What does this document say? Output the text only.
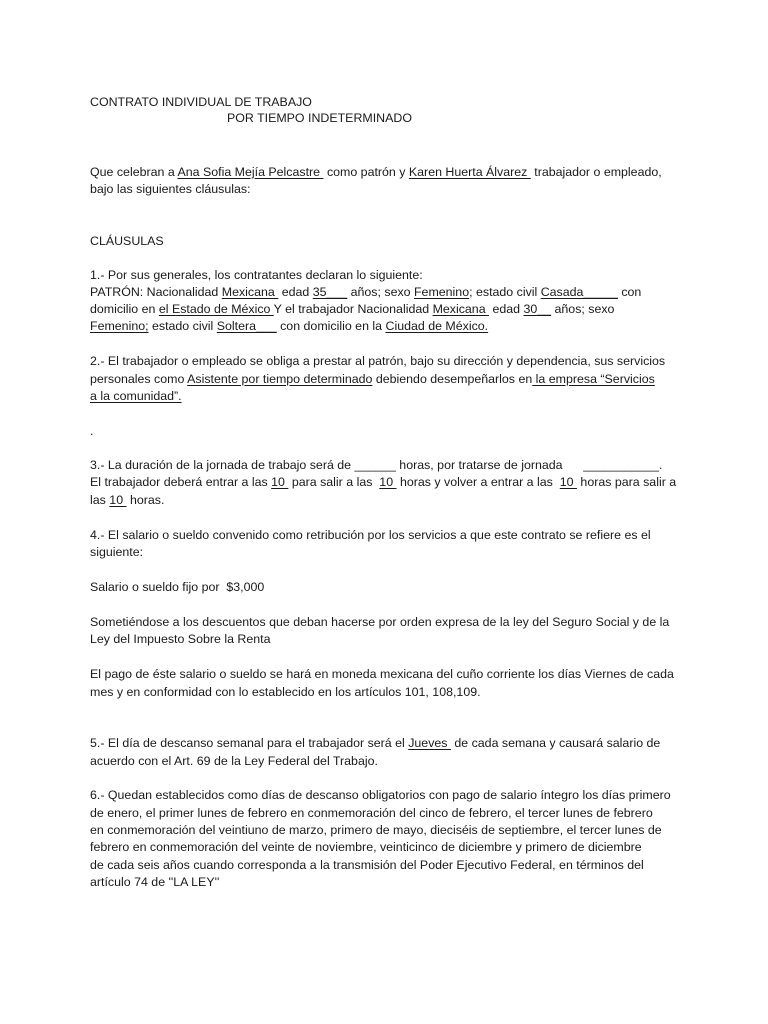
CONTRATO INDIVIDUAL DE TRABAJO
POR TIEMPO INDETERMINADO
Que celebran a Ana Sofia Mejía Pelcastre  como patrón y Karen Huerta Álvarez  trabajador o empleado,
bajo las siguientes cláusulas:
CLÁUSULAS
1.- Por sus generales, los contratantes declaran lo siguiente:
PATRÓN: Nacionalidad Mexicana  edad 35___ años; sexo Femenino; estado civil Casada_____ con
domicilio en el Estado de México Y el trabajador Nacionalidad Mexicana  edad 30__ años; sexo
Femenino; estado civil Soltera___ con domicilio en la Ciudad de México.
2.- El trabajador o empleado se obliga a prestar al patrón, bajo su dirección y dependencia, sus servicios
personales como Asistente por tiempo determinado debiendo desempeñarlos en la empresa “Servicios
a la comunidad”.
.
3.- La duración de la jornada de trabajo será de ______ horas, por tratarse de jornada      ___________.
El trabajador deberá entrar a las 10  para salir a las  10  horas y volver a entrar a las  10  horas para salir a
las 10  horas.
4.- El salario o sueldo convenido como retribución por los servicios a que este contrato se refiere es el
siguiente:
Salario o sueldo fijo por  $3,000
Sometiéndose a los descuentos que deban hacerse por orden expresa de la ley del Seguro Social y de la
Ley del Impuesto Sobre la Renta
El pago de éste salario o sueldo se hará en moneda mexicana del cuño corriente los días Viernes de cada
mes y en conformidad con lo establecido en los artículos 101, 108,109.
5.- El día de descanso semanal para el trabajador será el Jueves  de cada semana y causará salario de
acuerdo con el Art. 69 de la Ley Federal del Trabajo.
6.- Quedan establecidos como días de descanso obligatorios con pago de salario íntegro los días primero
de enero, el primer lunes de febrero en conmemoración del cinco de febrero, el tercer lunes de febrero
en conmemoración del veintiuno de marzo, primero de mayo, dieciséis de septiembre, el tercer lunes de
febrero en conmemoración del veinte de noviembre, veinticinco de diciembre y primero de diciembre
de cada seis años cuando corresponda a la transmisión del Poder Ejecutivo Federal, en términos del
artículo 74 de ''LA LEY''
